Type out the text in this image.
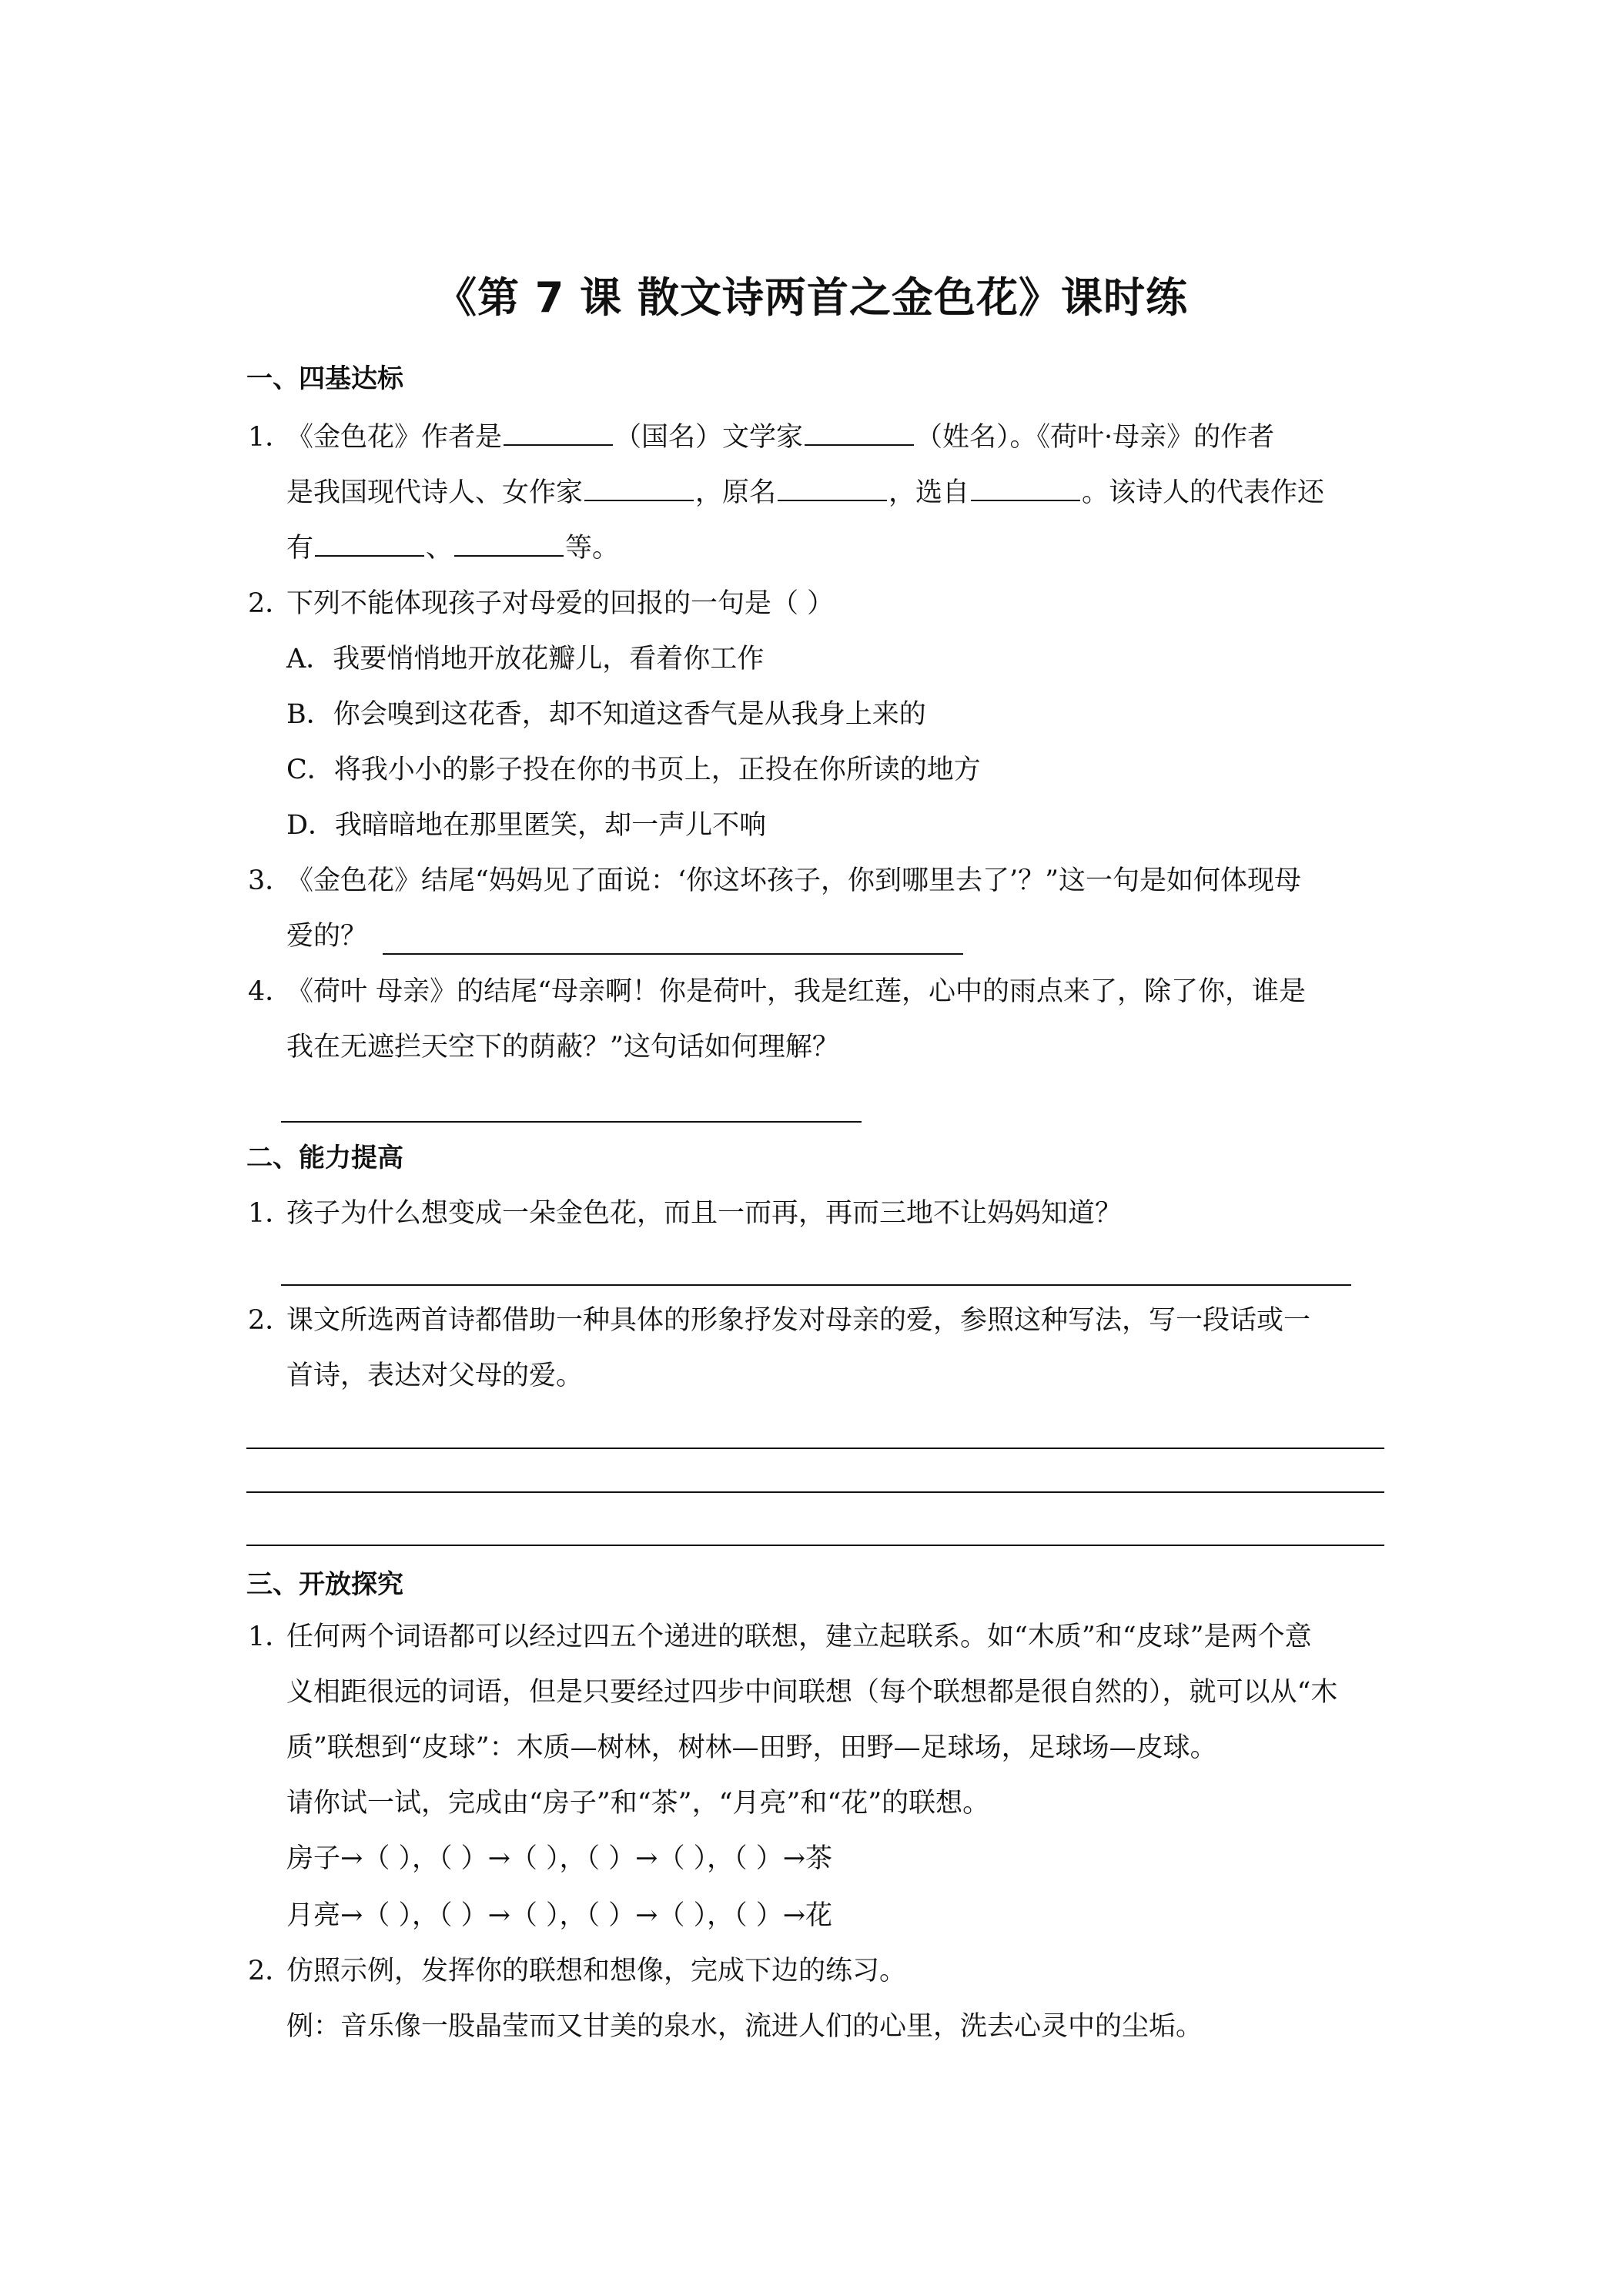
《第 7 课 散文诗两首之金色花》课时练
一、四基达标
1．
《金色花》作者是	（国名）文学家	（姓名）。《荷叶·母亲》的作者
是我国现代诗人、女作家	，原名	，选自	。该诗人的代表作还
有	、	等。
2．
下列不能体现孩子对母爱的回报的一句是（ ）
A．我要悄悄地开放花瓣儿，看着你工作
B．你会嗅到这花香，却不知道这香气是从我身上来的
C．将我小小的影子投在你的书页上，正投在你所读的地方
D．我暗暗地在那里匿笑，却一声儿不响
3．
《金色花》结尾“妈妈见了面说：‘你这坏孩子，你到哪里去了’？”这一句是如何体现母
爱的？
4．
《荷叶 母亲》的结尾“母亲啊！你是荷叶，我是红莲，心中的雨点来了，除了你，谁是
我在无遮拦天空下的荫蔽？”这句话如何理解？
二、能力提高
1．
孩子为什么想变成一朵金色花，而且一而再，再而三地不让妈妈知道？
2．
课文所选两首诗都借助一种具体的形象抒发对母亲的爱，参照这种写法，写一段话或一
首诗，表达对父母的爱。
三、开放探究
1．
任何两个词语都可以经过四五个递进的联想，建立起联系。如“木质”和“皮球”是两个意
义相距很远的词语，但是只要经过四步中间联想（每个联想都是很自然的），就可以从“木
质”联想到“皮球”：木质—树林，树林—田野，田野—足球场，足球场—皮球。
请你试一试，完成由“房子”和“茶”，“月亮”和“花”的联想。
房子→（ ），（ ）→（ ），（ ）→（ ），（ ）→茶
月亮→（ ），（ ）→（ ），（ ）→（ ），（ ）→花
2．
仿照示例，发挥你的联想和想像，完成下边的练习。
例：音乐像一股晶莹而又甘美的泉水，流进人们的心里，洗去心灵中的尘垢。
